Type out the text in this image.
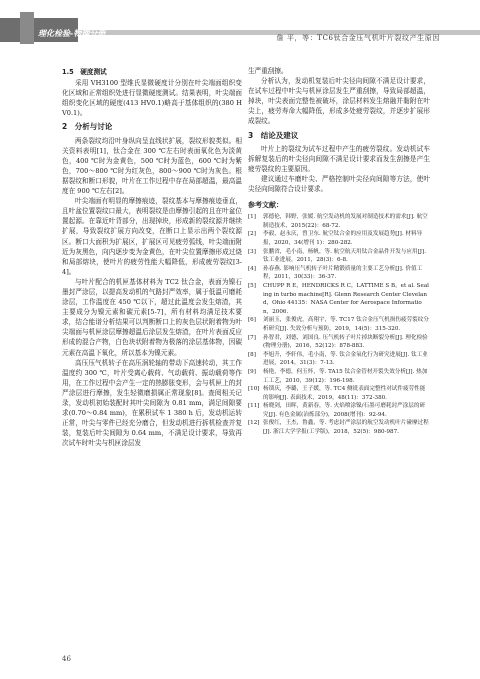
理化检验-物理分册	詹 平，等：TC6钛合金压气机叶片裂纹产生原因
1.5　硬度测试

采用 VH3100 型维氏显微硬度计分别在叶尖端面组织变化区域和正常组织处进行显微硬度测试。结果表明，叶尖端面组织变化区域的硬度(413 HV0.1)略高于基体组织的(380 HV0.1)。

2　分析与讨论

两条裂纹均沿叶身纵向呈直线状扩展，裂纹形貌类似。相关资料表明[1]，钛合金在 300 ℃左右时表面氧化色为淡黄色，400 ℃时为金黄色，500 ℃时为蓝色，600 ℃时为紫色，700～800 ℃时为红灰色，800～900 ℃时为灰色。根据裂纹和断口形貌，叶片在工作过程中存在局部超温，最高温度在 900 ℃左右[2]。

叶尖端面有明显的摩擦痕迹，裂纹基本与摩擦痕迹垂直，且叶盆位置裂纹口最大，表明裂纹是由摩擦引起的且在叶盆位置起源。在靠近叶背部分，出现掉块，形成新的裂纹源并继续扩展，导致裂纹扩展方向改变，在断口上显示出两个裂纹源区。断口大面积为扩展区，扩展区可见疲劳弧线，叶尖端面附近为灰黑色，向内逐步变为金黄色，在叶尖位置摩擦形成过烧和局部熔块，使叶片的疲劳性能大幅降低，形成疲劳裂纹[3-4]。

与叶片配合的机匣基体材料为 TC2 钛合金，表面为镍石墨封严涂层，以提高发动机的气路封严效率，属于低温可磨耗涂层，工作温度在 450 ℃以下，超过此温度会发生熔渣，其主要成分为镍元素和碳元素[5-7]，所有材料均满足技术要求，结合能谱分析结果可以判断断口上的灰色层状附着物为叶尖端面与机匣涂层摩擦超温后涂层发生熔渣，在叶片表面反应形成的混合产物，白色块状附着物为极落的涂层基体物，因碳元素在高温下氧化，所以基本为镍元素。

高压压气机转子在高压涡轮轴的带动下高速转动，其工作温度约 300 ℃，叶片受离心载荷、气动载荷、振动载荷等作用，在工作过程中会产生一定的热膨胀变形，会与机匣上的封严涂层进行摩擦，发生轻微磨损属正常现象[8]。查阅相关记录，发动机初始装配时其叶尖间隙为 0.81 mm，满足间隙要求(0.70～0.84 mm)，在累积试车 1 380 h 后，发动机运转正常，叶尖与零件已经充分磨合，但发动机进行拆机检查并复装，复装后叶尖间隙为 0.64 mm，不满足设计要求，导致再次试车时叶尖与机匣涂层发

生严重刮擦。

分析认为，发动机复装后叶尖径向间隙不满足设计要求，在试车过程中叶尖与机匣涂层发生严重刮擦，导致局部超温，掉块，叶尖表面完整性被破坏，涂层材料发生熔融并黏附在叶尖上，疲劳寿命大幅降低，形成多处疲劳裂纹，并逐步扩展形成裂纹。

3　结论及建议

叶片上的裂纹为试车过程中产生的疲劳裂纹。发动机试车拆解复装后的叶尖径向间隙不满足设计要求而发生刮擦是产生疲劳裂纹的主要原因。

建议通过车磨叶尖、严格控制叶尖径向间隙等方法，使叶尖径向间隙符合设计要求。

参考文献：
[1]	郭德伦，韩野，张媛. 航空发动机的发展对制造技术的需求[J]. 航空制造技术，2015(22)：68-72.
[2]	李毅，赵永庆，曾卫东. 航空钛合金的应用及发展趋势[J]. 材料导报，2020，34(增刊 1)：280-282.
[3]	张鹏省，毛小南，杨帆，等. 航空航天用钛合金晶件开发与应用[J]. 钛工业进展，2011，28(3)：6-8.
[4]	孙春燕. 影响压气机转子叶片精锻质量的主要工艺分析[J]. 价值工程，2011，30(33)：36-37.
[5]	CHUPP R E，HENDRICKS R C，LATTIME S B，et al. Sealing in turbo machine[R]. Glenn Research Center Cleveland，Ohio 44135：NASA Center for Aerospace Information，2006.
[6]	刘丽玉，张俊虎，高翔宇，等. TC17 钛合金压气机损伤疲劳裂纹分析研究[J]. 失效分析与预防，2019，14(5)：315-320.
[7]	孙智君，刘德，刘国良. 压气机转子叶片掉块断裂分析[J]. 理化检验(物理分册)，2016，52(12)：878-883.
[8]	李旭升，李轩伟，毛小南，等. 钛合金氧化行为研究进展[J]. 钛工业进展，2014，31(3)：7-13.
[9]	杨艳，李德，何玉怀，等. TA15 钛合金管材开裂失效分析[J]. 热加工工艺，2010，39(12)：196-198.
[10] 杨锁庆，李璐，王子媛，等. TC4 侧铣表面完整性对试件疲劳性能的影响[J]. 表面技术，2019，48(11)：372-380.
[11] 杨晓剑，田晖，黄新春，等. 火焰喷涂镍/石墨可磨耗封严涂层的研究[J]. 有色金属(冶炼部分)，2008(增刊)：92-94.
[12] 张俊红，王杰，鲁鑫，等. 考虑封严涂层的航空发动机叶片碰摩过程[J]. 浙江大学学报(工学版)，2018，52(5)：980-987.
46
